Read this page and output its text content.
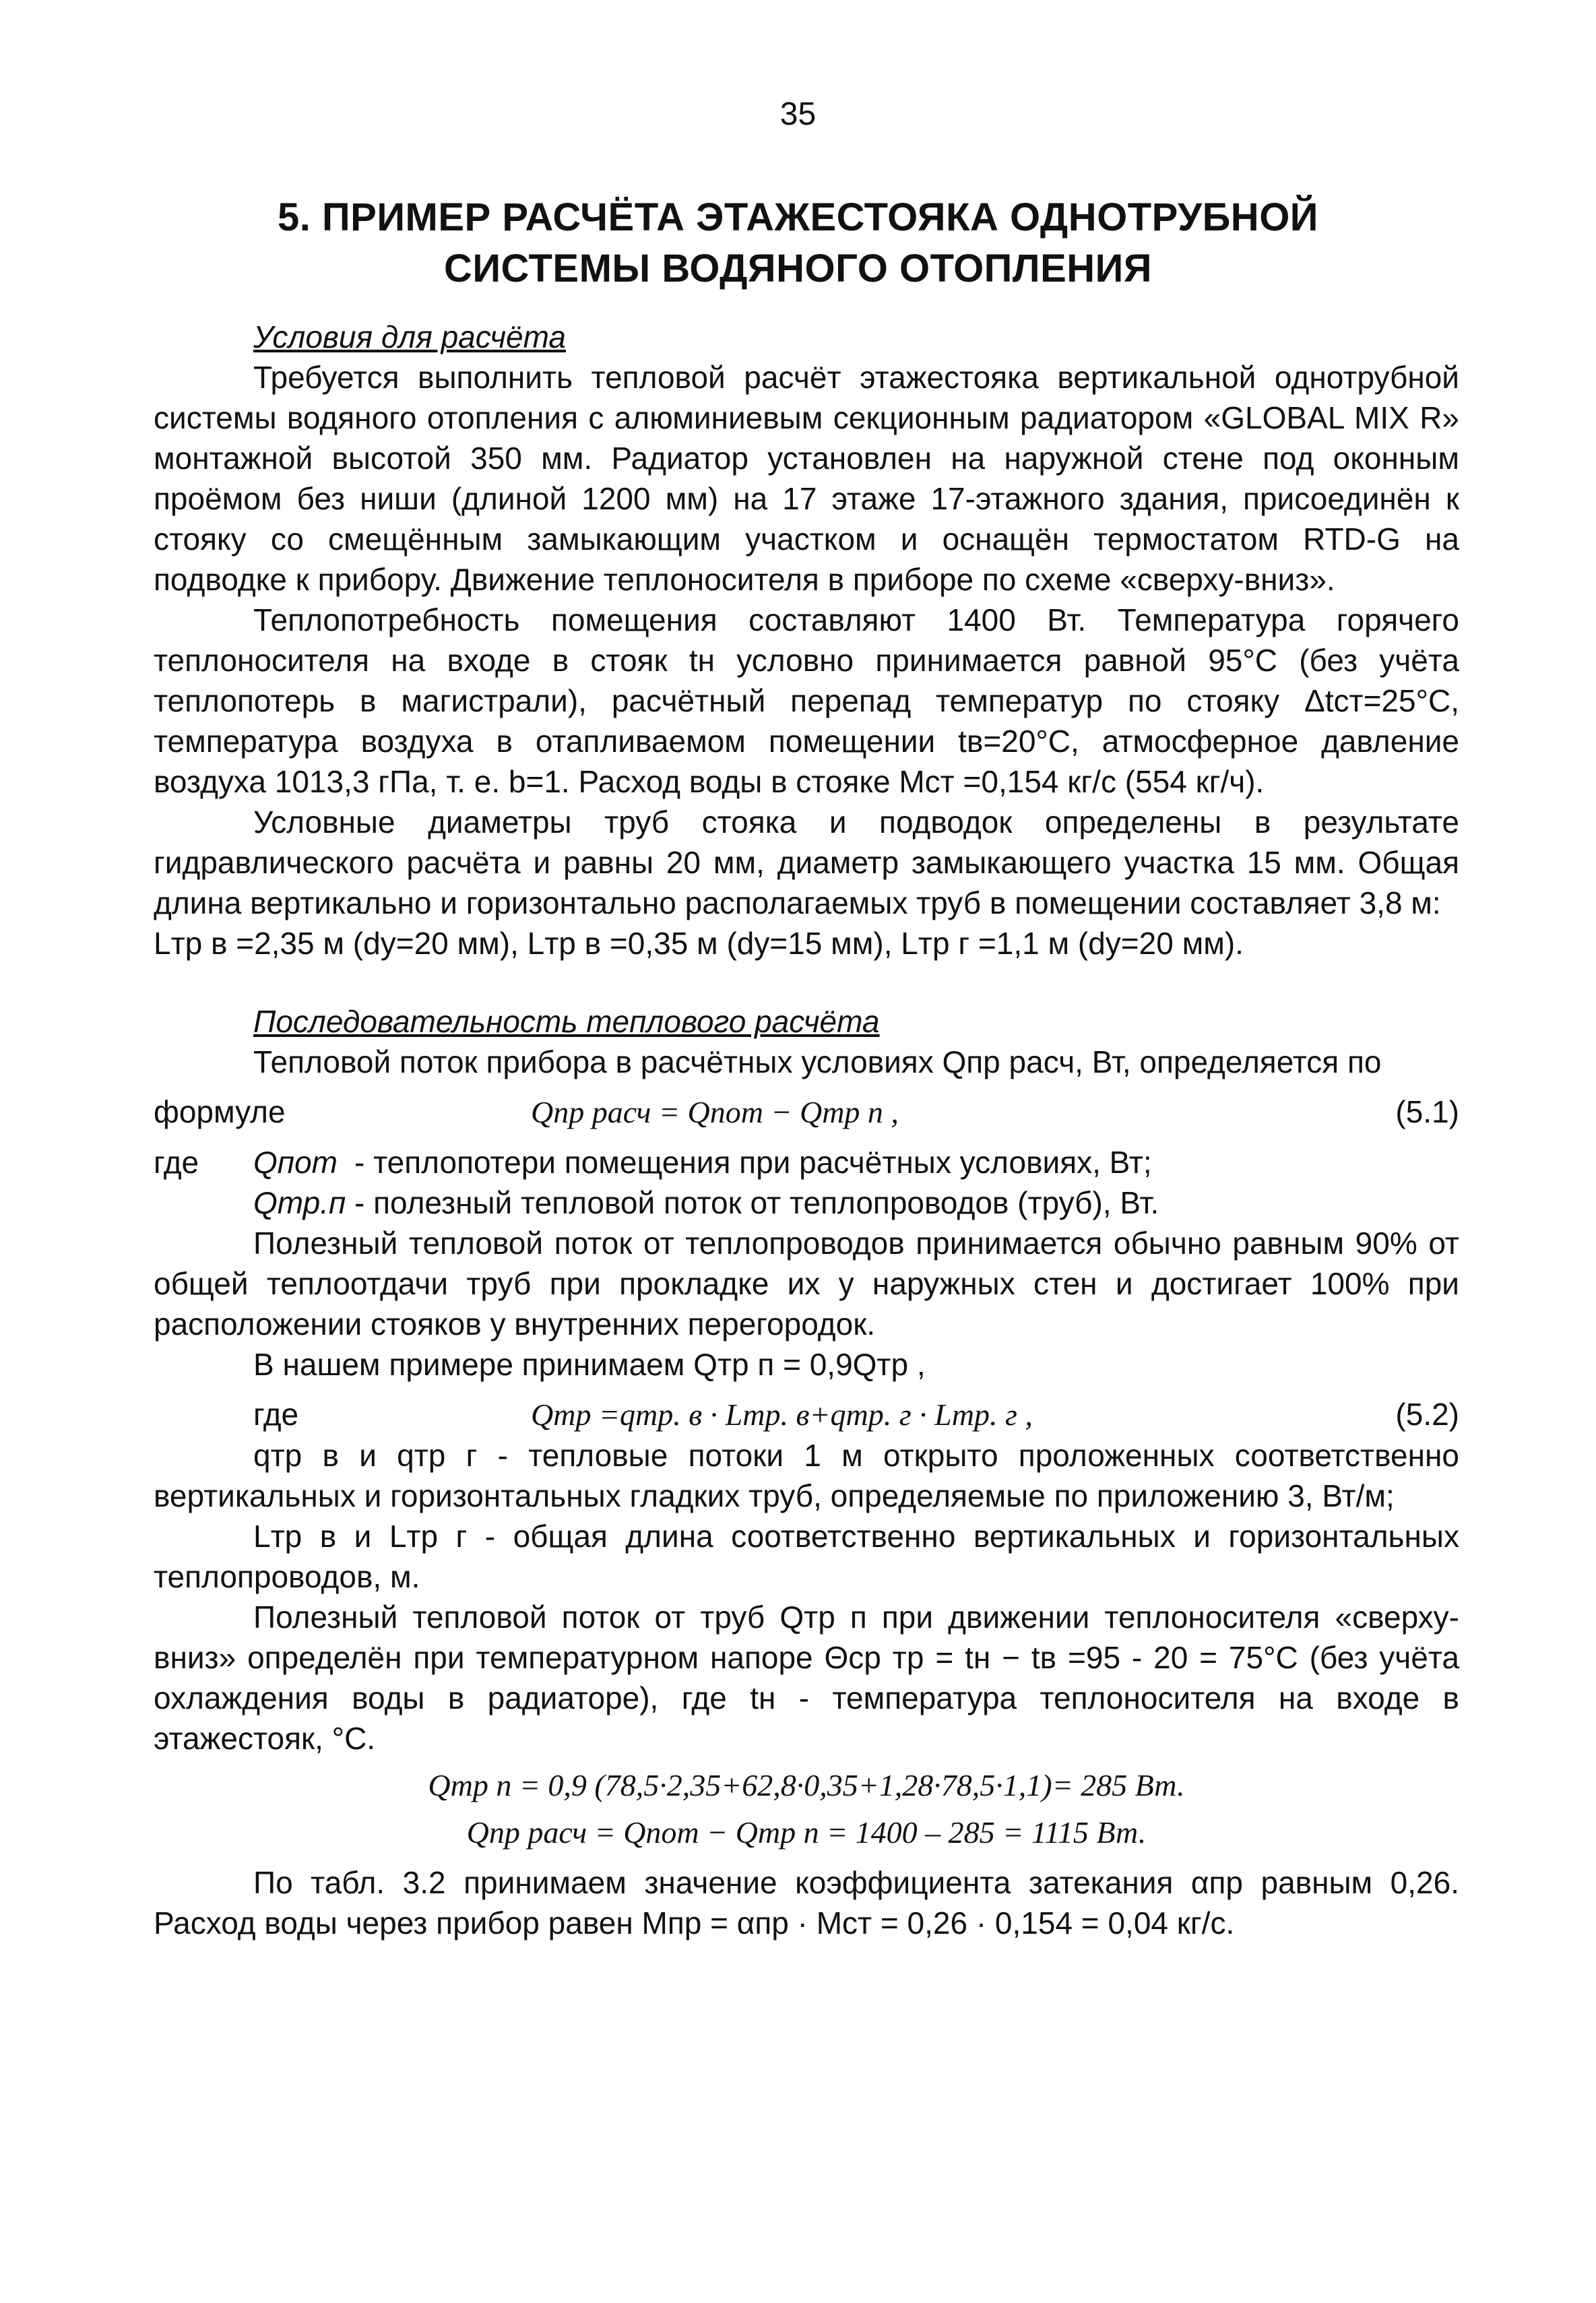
35
5. ПРИМЕР РАСЧЁТА ЭТАЖЕСТОЯКА ОДНОТРУБНОЙ
СИСТЕМЫ ВОДЯНОГО ОТОПЛЕНИЯ

Условия для расчёта

Требуется выполнить тепловой расчёт этажестояка вертикальной однотрубной системы водяного отопления с алюминиевым секционным радиатором «GLOBAL MIX R» монтажной высотой 350 мм. Радиатор установлен на наружной стене под оконным проёмом без ниши (длиной 1200 мм) на 17 этаже 17-этажного здания, присоединён к стояку со смещённым замыкающим участком и оснащён термостатом RTD-G на подводке к прибору. Движение теплоносителя в приборе по схеме «сверху-вниз».

Теплопотребность помещения составляют 1400 Вт. Температура горячего теплоносителя на входе в стояк tн условно принимается равной 95°С (без учёта теплопотерь в магистрали), расчётный перепад температур по стояку Δtст=25°С, температура воздуха в отапливаемом помещении tв=20°С, атмосферное давление воздуха 1013,3 гПа, т. е. b=1. Расход воды в стояке Mст =0,154 кг/с (554 кг/ч).

Условные диаметры труб стояка и подводок определены в результате гидравлического расчёта и равны 20 мм, диаметр замыкающего участка 15 мм. Общая длина вертикально и горизонтально располагаемых труб в помещении составляет 3,8 м:

Lтр в =2,35 м (dу=20 мм), Lтр в =0,35 м (dу=15 мм), Lтр г =1,1 м (dу=20 мм).

Последовательность теплового расчёта

Тепловой поток прибора в расчётных условиях Qпр расч, Вт, определяется по

формуле	Qпр расч = Qпот − Qтр п ,	(5.1)
где	Qпот - теплопотери помещения при расчётных условиях, Вт;
Qтр.п - полезный тепловой поток от теплопроводов (труб), Вт.

Полезный тепловой поток от теплопроводов принимается обычно равным 90% от общей теплоотдачи труб при прокладке их у наружных стен и достигает 100% при расположении стояков у внутренних перегородок.

В нашем примере принимаем Qтр п = 0,9Qтр ,

где	Qтр =qтр. в · Lтр. в+qтр. г · Lтр. г ,	(5.2)

qтр в и qтр г - тепловые потоки 1 м открыто проложенных соответственно вертикальных и горизонтальных гладких труб, определяемые по приложению 3, Вт/м;

Lтр в и Lтр г - общая длина соответственно вертикальных и горизонтальных теплопроводов, м.

Полезный тепловой поток от труб Qтр п при движении теплоносителя «сверху-вниз» определён при температурном напоре Θср тр = tн − tв =95 - 20 = 75°С (без учёта охлаждения воды в радиаторе), где tн - температура теплоносителя на входе в этажестояк, °С.

Qтр п = 0,9 (78,5·2,35+62,8·0,35+1,28·78,5·1,1)= 285 Вт.

Qпр расч = Qпот − Qтр п = 1400 – 285 = 1115 Вт.

По табл. 3.2 принимаем значение коэффициента затекания αпр равным 0,26. Расход воды через прибор равен Mпр = αпр · Mст = 0,26 · 0,154 = 0,04 кг/с.
